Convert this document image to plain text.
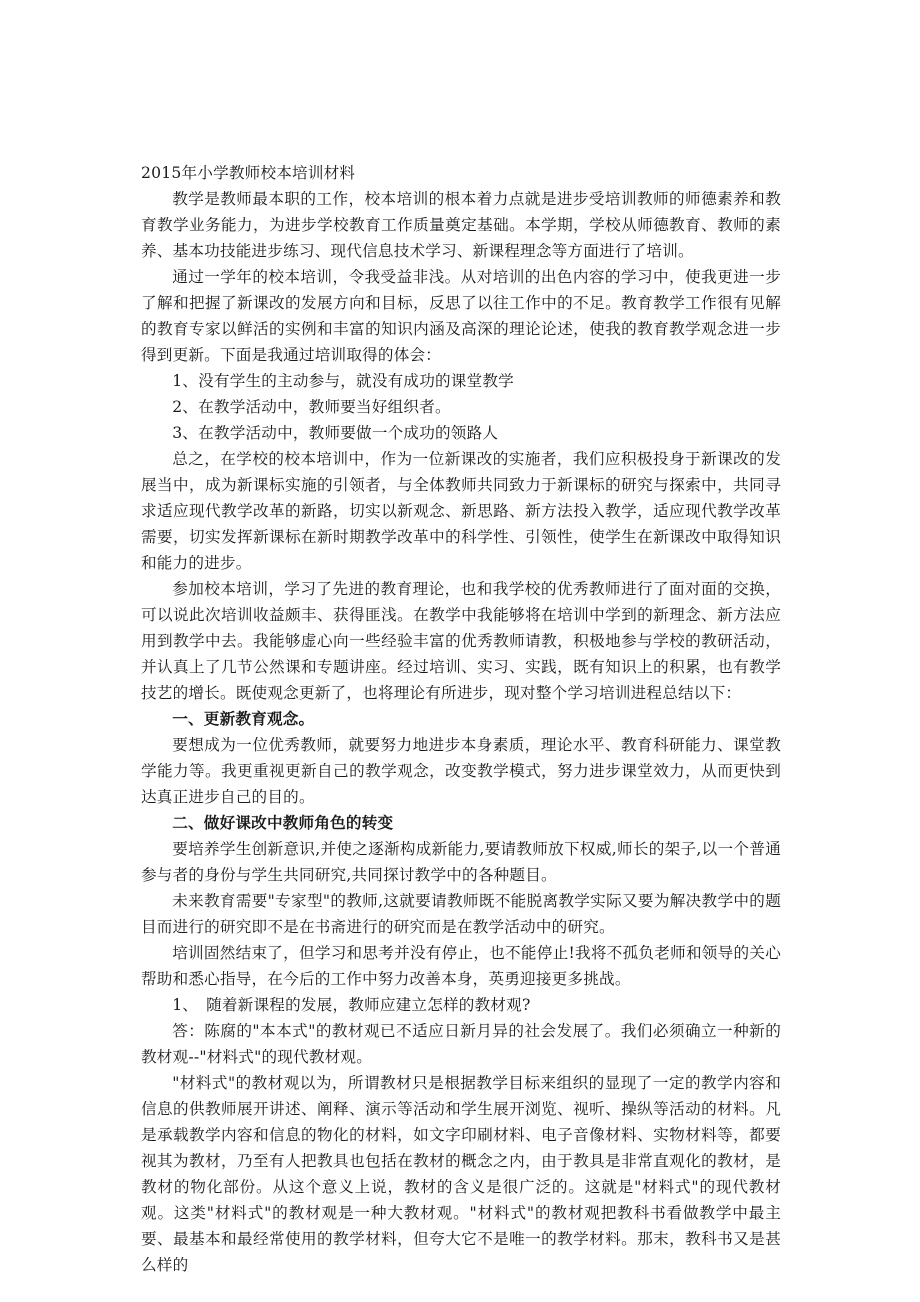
2015年小学教师校本培训材料

教学是教师最本职的工作，校本培训的根本着力点就是进步受培训教师的师德素养和教育教学业务能力，为进步学校教育工作质量奠定基础。本学期，学校从师德教育、教师的素养、基本功技能进步练习、现代信息技术学习、新课程理念等方面进行了培训。

通过一学年的校本培训，令我受益非浅。从对培训的出色内容的学习中，使我更进一步了解和把握了新课改的发展方向和目标，反思了以往工作中的不足。教育教学工作很有见解的教育专家以鲜活的实例和丰富的知识内涵及高深的理论论述，使我的教育教学观念进一步得到更新。下面是我通过培训取得的体会：

1、没有学生的主动参与，就没有成功的课堂教学

2、在教学活动中，教师要当好组织者。

3、在教学活动中，教师要做一个成功的领路人

总之，在学校的校本培训中，作为一位新课改的实施者，我们应积极投身于新课改的发展当中，成为新课标实施的引领者，与全体教师共同致力于新课标的研究与探索中，共同寻求适应现代教学改革的新路，切实以新观念、新思路、新方法投入教学，适应现代教学改革需要，切实发挥新课标在新时期教学改革中的科学性、引领性，使学生在新课改中取得知识和能力的进步。

参加校本培训，学习了先进的教育理论，也和我学校的优秀教师进行了面对面的交换，可以说此次培训收益颇丰、获得匪浅。在教学中我能够将在培训中学到的新理念、新方法应用到教学中去。我能够虚心向一些经验丰富的优秀教师请教，积极地参与学校的教研活动，并认真上了几节公然课和专题讲座。经过培训、实习、实践，既有知识上的积累，也有教学技艺的增长。既使观念更新了，也将理论有所进步，现对整个学习培训进程总结以下：

一、更新教育观念。

要想成为一位优秀教师，就要努力地进步本身素质，理论水平、教育科研能力、课堂教学能力等。我更重视更新自己的教学观念，改变教学模式，努力进步课堂效力，从而更快到达真正进步自己的目的。

二、做好课改中教师角色的转变

要培养学生创新意识,并使之逐渐构成新能力,要请教师放下权威,师长的架子,以一个普通参与者的身份与学生共同研究,共同探讨教学中的各种题目。

未来教育需要"专家型"的教师,这就要请教师既不能脱离教学实际又要为解决教学中的题目而进行的研究即不是在书斋进行的研究而是在教学活动中的研究。

培训固然结束了，但学习和思考并没有停止，也不能停止!我将不孤负老师和领导的关心帮助和悉心指导，在今后的工作中努力改善本身，英勇迎接更多挑战。

1、　随着新课程的发展，教师应建立怎样的教材观?

答：陈腐的"本本式"的教材观已不适应日新月异的社会发展了。我们必须确立一种新的教材观--"材料式"的现代教材观。

"材料式"的教材观以为，所谓教材只是根据教学目标来组织的显现了一定的教学内容和信息的供教师展开讲述、阐释、演示等活动和学生展开浏览、视听、操纵等活动的材料。凡是承载教学内容和信息的物化的材料，如文字印刷材料、电子音像材料、实物材料等，都要视其为教材，乃至有人把教具也包括在教材的概念之内，由于教具是非常直观化的教材，是教材的物化部份。从这个意义上说，教材的含义是很广泛的。这就是"材料式"的现代教材观。这类"材料式"的教材观是一种大教材观。"材料式"的教材观把教科书看做教学中最主要、最基本和最经常使用的教学材料，但夸大它不是唯一的教学材料。那末，教科书又是甚么样的
